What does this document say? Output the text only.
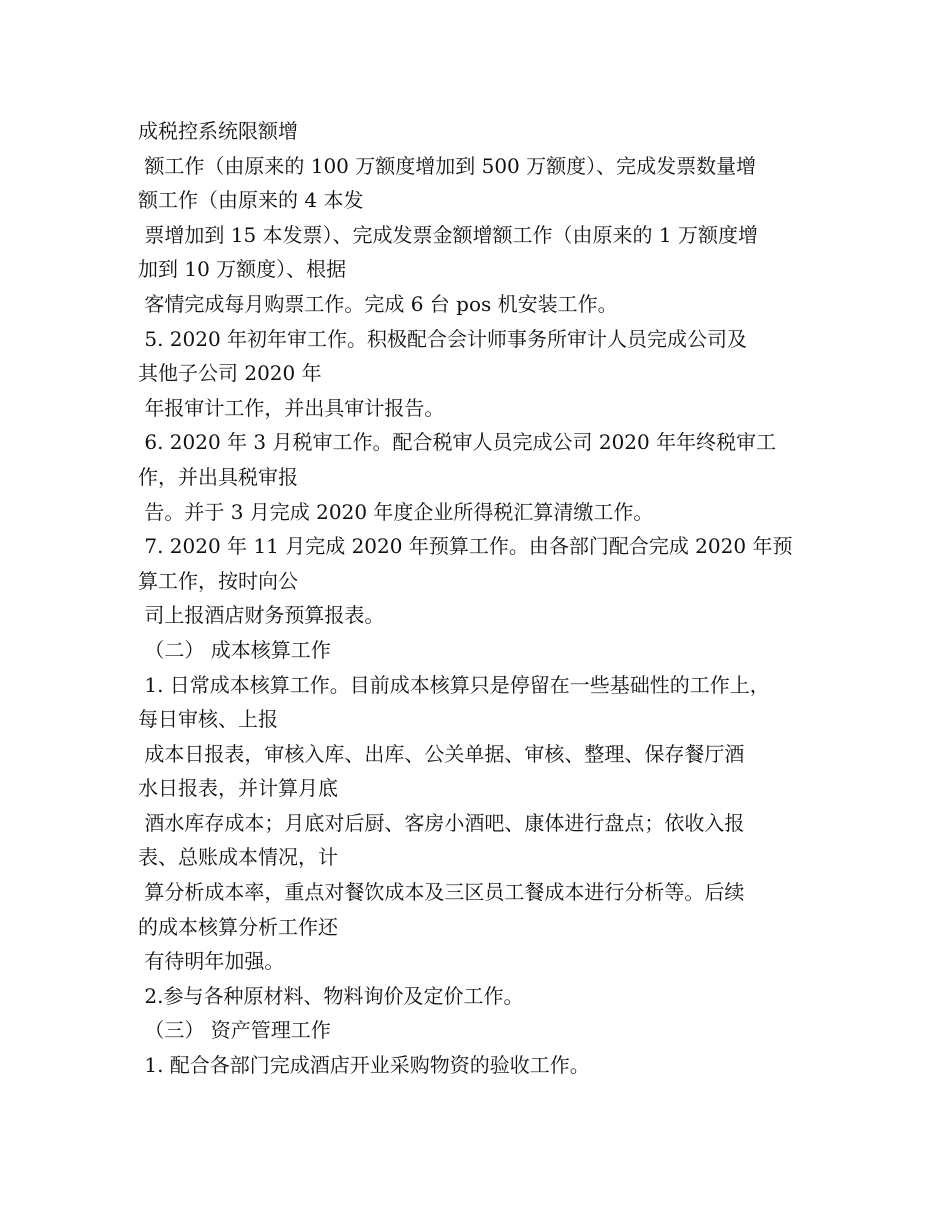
成税控系统限额增
额工作（由原来的 100 万额度增加到 500 万额度）、完成发票数量增
额工作（由原来的 4 本发
票增加到 15 本发票）、完成发票金额增额工作（由原来的 1 万额度增
加到 10 万额度）、根据
客情完成每月购票工作。完成 6 台 pos 机安装工作。
5. 2020 年初年审工作。积极配合会计师事务所审计人员完成公司及
其他子公司 2020 年
年报审计工作，并出具审计报告。
6. 2020 年 3 月税审工作。配合税审人员完成公司 2020 年年终税审工
作，并出具税审报
告。并于 3 月完成 2020 年度企业所得税汇算清缴工作。
7. 2020 年 11 月完成 2020 年预算工作。由各部门配合完成 2020 年预
算工作，按时向公
司上报酒店财务预算报表。
（二） 成本核算工作
1. 日常成本核算工作。目前成本核算只是停留在一些基础性的工作上，
每日审核、上报
成本日报表，审核入库、出库、公关单据、审核、整理、保存餐厅酒
水日报表，并计算月底
酒水库存成本；月底对后厨、客房小酒吧、康体进行盘点；依收入报
表、总账成本情况，计
算分析成本率，重点对餐饮成本及三区员工餐成本进行分析等。后续
的成本核算分析工作还
有待明年加强。
2.参与各种原材料、物料询价及定价工作。
（三） 资产管理工作
1. 配合各部门完成酒店开业采购物资的验收工作。
